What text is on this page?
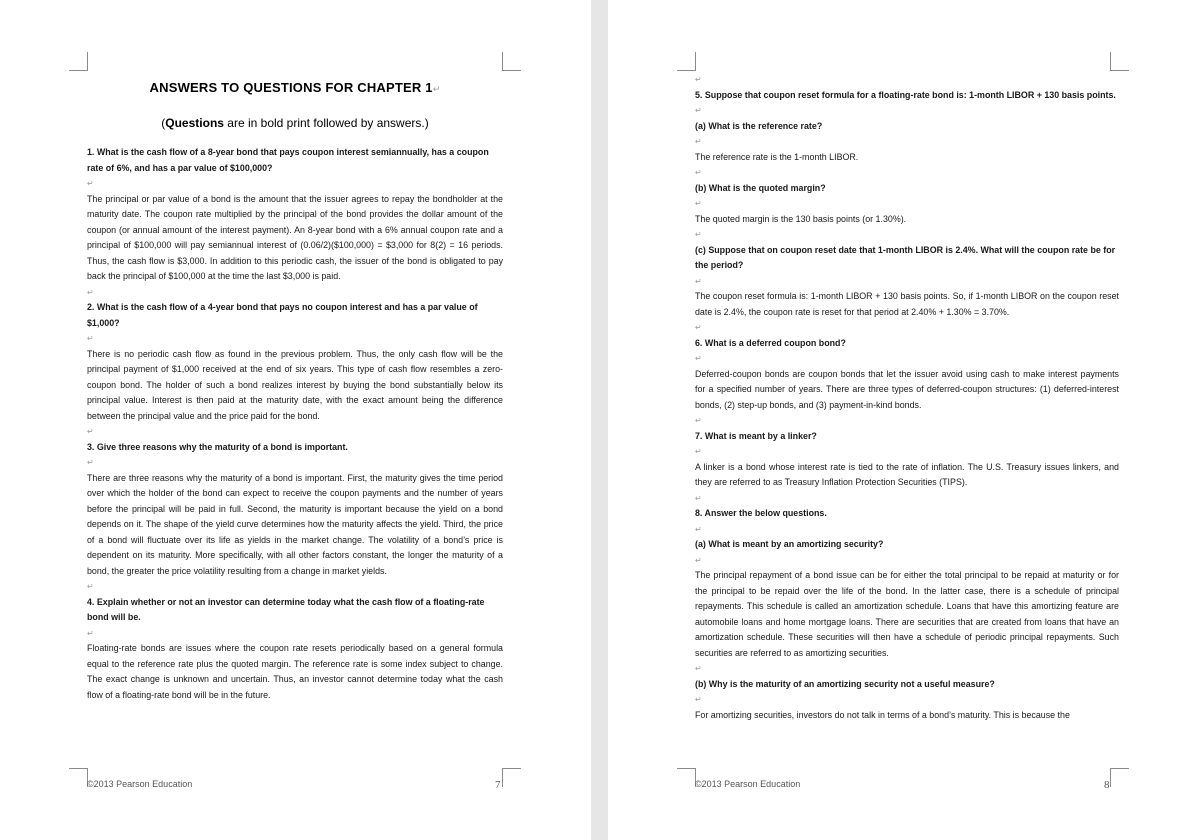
ANSWERS TO QUESTIONS FOR CHAPTER 1↵
(Questions are in bold print followed by answers.)

1. What is the cash flow of a 8-year bond that pays coupon interest semiannually, has a coupon rate of 6%, and has a par value of $100,000?

↵

The principal or par value of a bond is the amount that the issuer agrees to repay the bondholder at the maturity date. The coupon rate multiplied by the principal of the bond provides the dollar amount of the coupon (or annual amount of the interest payment). An 8-year bond with a 6% annual coupon rate and a principal of $100,000 will pay semiannual interest of (0.06/2)($100,000) = $3,000 for 8(2) = 16 periods. Thus, the cash flow is $3,000. In addition to this periodic cash, the issuer of the bond is obligated to pay back the principal of $100,000 at the time the last $3,000 is paid.

↵

2. What is the cash flow of a 4-year bond that pays no coupon interest and has a par value of $1,000?

↵

There is no periodic cash flow as found in the previous problem. Thus, the only cash flow will be the principal payment of $1,000 received at the end of six years. This type of cash flow resembles a zero-coupon bond. The holder of such a bond realizes interest by buying the bond substantially below its principal value. Interest is then paid at the maturity date, with the exact amount being the difference between the principal value and the price paid for the bond.

↵

3. Give three reasons why the maturity of a bond is important.

↵

There are three reasons why the maturity of a bond is important. First, the maturity gives the time period over which the holder of the bond can expect to receive the coupon payments and the number of years before the principal will be paid in full. Second, the maturity is important because the yield on a bond depends on it. The shape of the yield curve determines how the maturity affects the yield. Third, the price of a bond will fluctuate over its life as yields in the market change. The volatility of a bond’s price is dependent on its maturity. More specifically, with all other factors constant, the longer the maturity of a bond, the greater the price volatility resulting from a change in market yields.

↵

4. Explain whether or not an investor can determine today what the cash flow of a floating-rate bond will be.

↵

Floating-rate bonds are issues where the coupon rate resets periodically based on a general formula equal to the reference rate plus the quoted margin. The reference rate is some index subject to change. The exact change is unknown and uncertain. Thus, an investor cannot determine today what the cash flow of a floating-rate bond will be in the future.

©2013 Pearson Education	7

↵

5. Suppose that coupon reset formula for a floating-rate bond is: 1-month LIBOR + 130 basis points.

↵

(a) What is the reference rate?

↵

The reference rate is the 1-month LIBOR.

↵

(b) What is the quoted margin?

↵

The quoted margin is the 130 basis points (or 1.30%).

↵

(c) Suppose that on coupon reset date that 1-month LIBOR is 2.4%. What will the coupon rate be for the period?

↵

The coupon reset formula is: 1-month LIBOR + 130 basis points. So, if 1-month LIBOR on the coupon reset date is 2.4%, the coupon rate is reset for that period at 2.40% + 1.30% = 3.70%.

↵

6. What is a deferred coupon bond?

↵

Deferred-coupon bonds are coupon bonds that let the issuer avoid using cash to make interest payments for a specified number of years. There are three types of deferred-coupon structures: (1) deferred-interest bonds, (2) step-up bonds, and (3) payment-in-kind bonds.

↵

7. What is meant by a linker?

↵

A linker is a bond whose interest rate is tied to the rate of inflation. The U.S. Treasury issues linkers, and they are referred to as Treasury Inflation Protection Securities (TIPS).

↵

8. Answer the below questions.

↵

(a) What is meant by an amortizing security?

↵

The principal repayment of a bond issue can be for either the total principal to be repaid at maturity or for the principal to be repaid over the life of the bond. In the latter case, there is a schedule of principal repayments. This schedule is called an amortization schedule. Loans that have this amortizing feature are automobile loans and home mortgage loans. There are securities that are created from loans that have an amortization schedule. These securities will then have a schedule of periodic principal repayments. Such securities are referred to as amortizing securities.

↵

(b) Why is the maturity of an amortizing security not a useful measure?

↵

For amortizing securities, investors do not talk in terms of a bond’s maturity. This is because the

©2013 Pearson Education	8
